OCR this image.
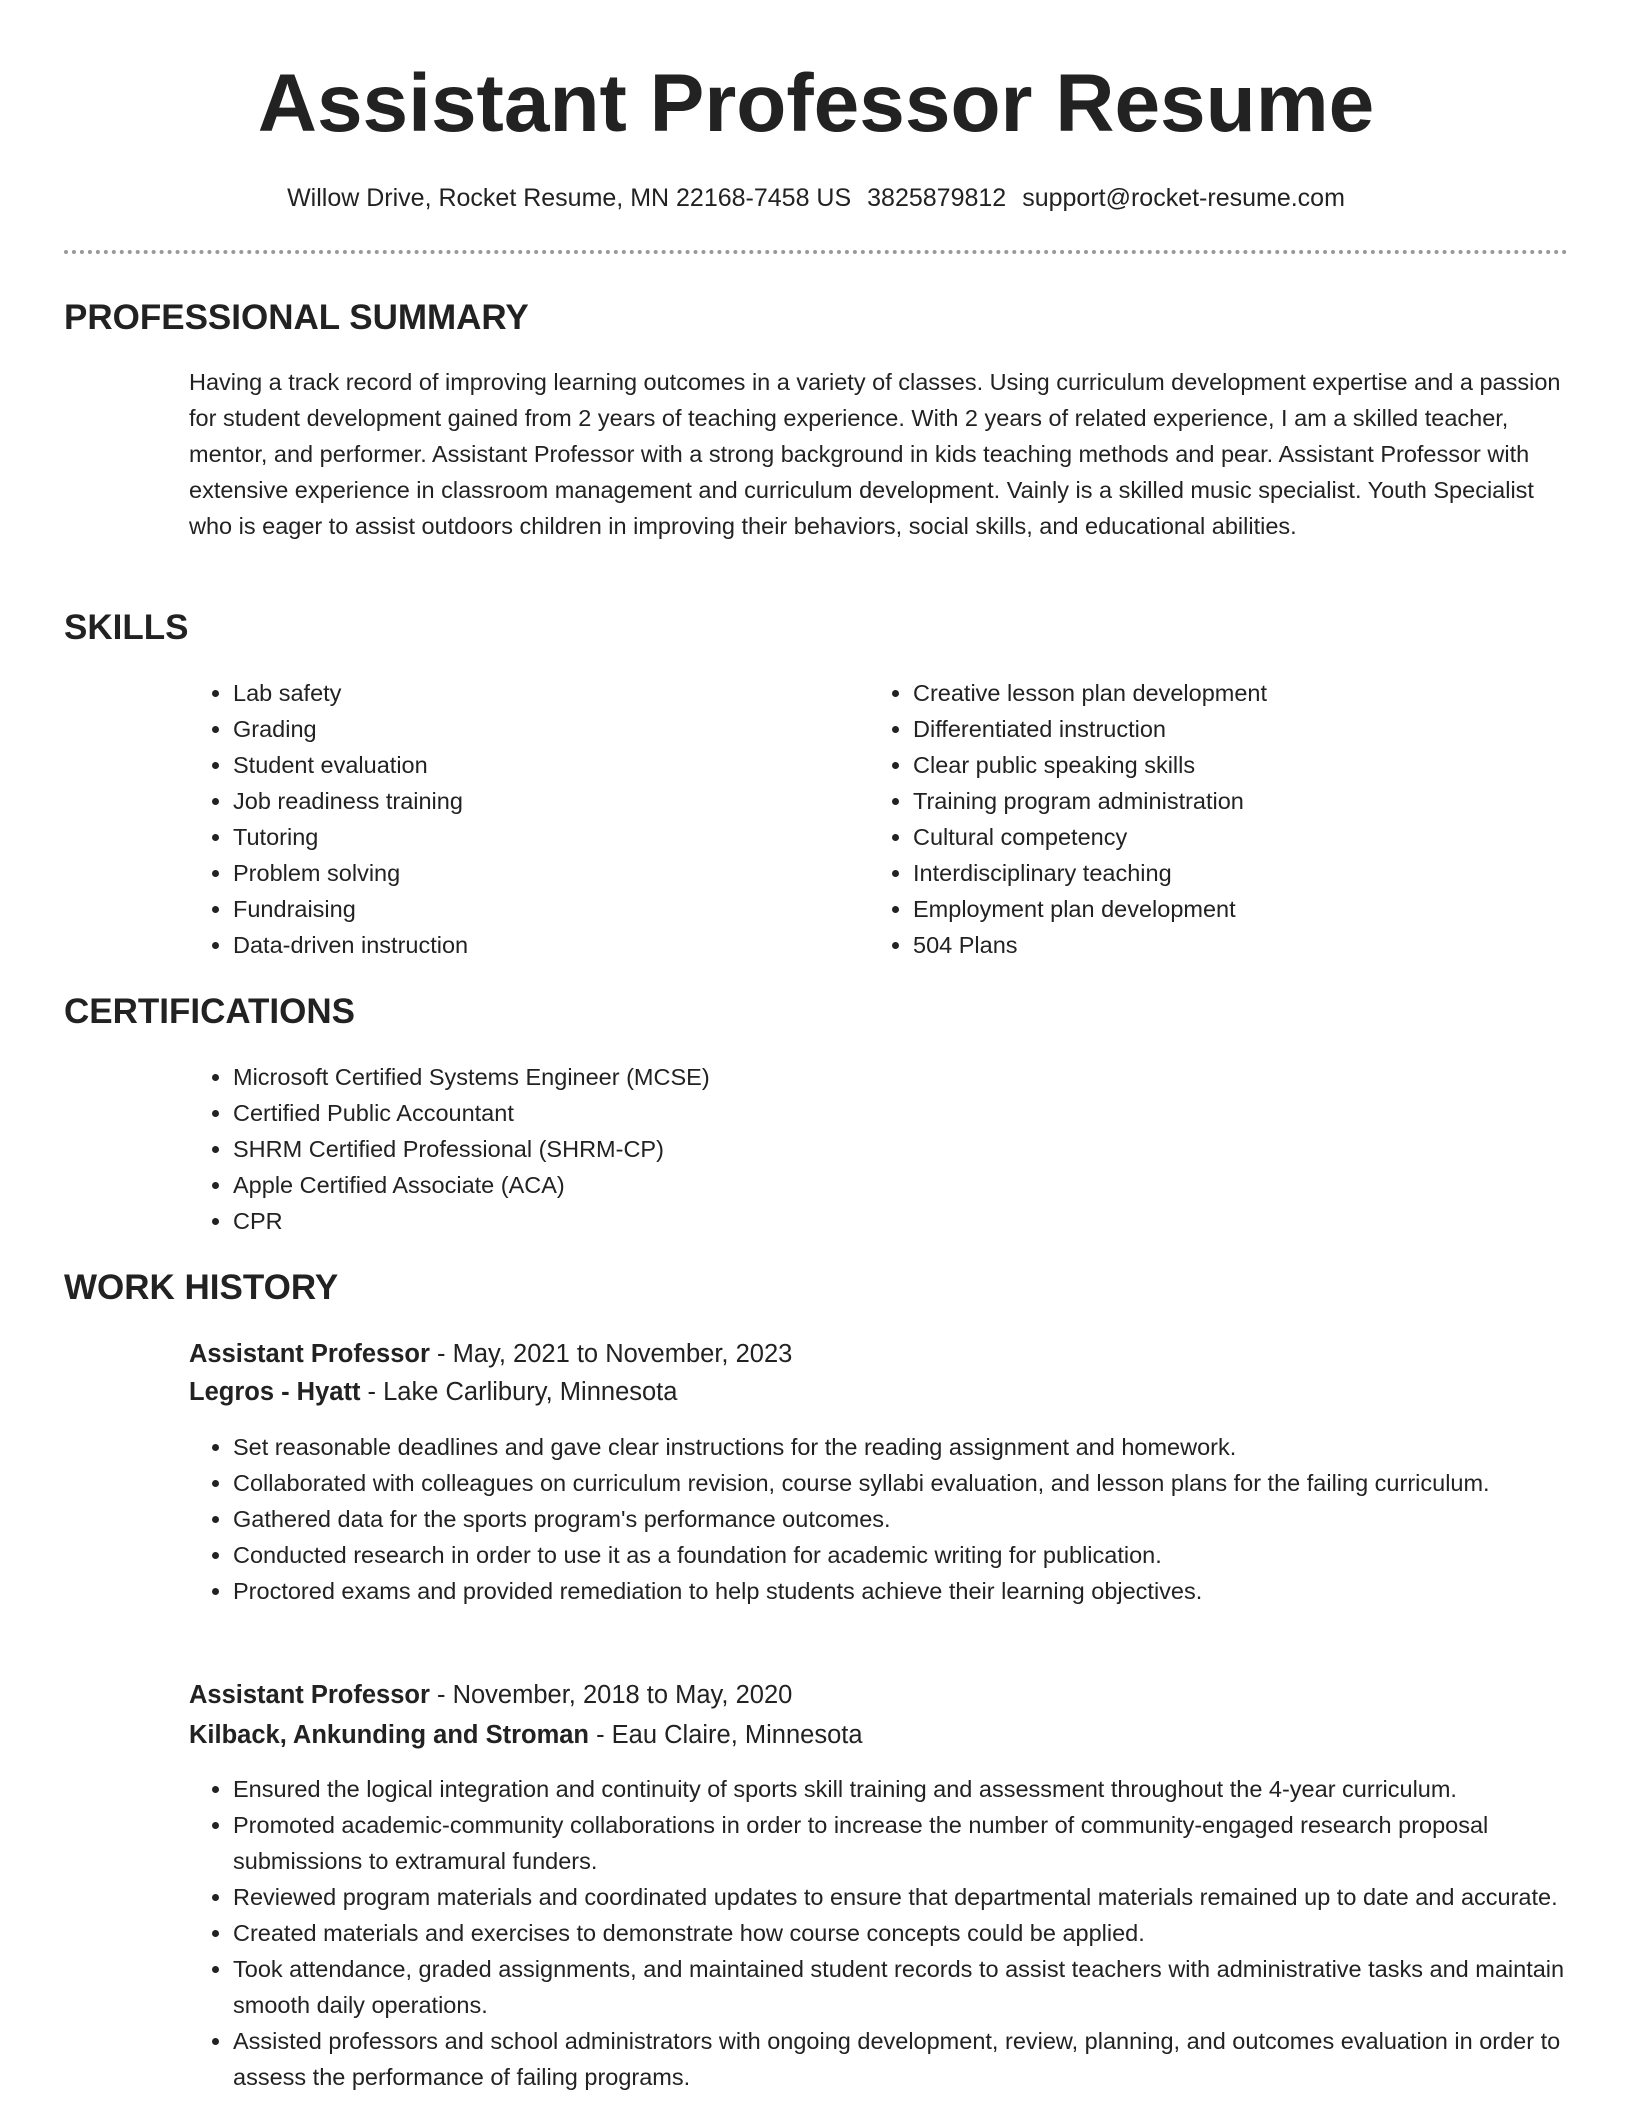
Assistant Professor Resume
Willow Drive, Rocket Resume, MN 22168-7458 US 3825879812 support@rocket-resume.com
PROFESSIONAL SUMMARY

Having a track record of improving learning outcomes in a variety of classes. Using curriculum development expertise and a passion for student development gained from 2 years of teaching experience. With 2 years of related experience, I am a skilled teacher, mentor, and performer. Assistant Professor with a strong background in kids teaching methods and pear. Assistant Professor with extensive experience in classroom management and curriculum development. Vainly is a skilled music specialist. Youth Specialist who is eager to assist outdoors children in improving their behaviors, social skills, and educational abilities.

SKILLS
• Lab safety
• Grading
• Student evaluation
• Job readiness training
• Tutoring
• Problem solving
• Fundraising
• Data-driven instruction
• Creative lesson plan development
• Differentiated instruction
• Clear public speaking skills
• Training program administration
• Cultural competency
• Interdisciplinary teaching
• Employment plan development
• 504 Plans
CERTIFICATIONS
• Microsoft Certified Systems Engineer (MCSE)
• Certified Public Accountant
• SHRM Certified Professional (SHRM-CP)
• Apple Certified Associate (ACA)
• CPR
WORK HISTORY

Assistant Professor - May, 2021 to November, 2023

Legros - Hyatt - Lake Carlibury, Minnesota

• Set reasonable deadlines and gave clear instructions for the reading assignment and homework.
• Collaborated with colleagues on curriculum revision, course syllabi evaluation, and lesson plans for the failing curriculum.
• Gathered data for the sports program's performance outcomes.
• Conducted research in order to use it as a foundation for academic writing for publication.
• Proctored exams and provided remediation to help students achieve their learning objectives.

Assistant Professor - November, 2018 to May, 2020

Kilback, Ankunding and Stroman - Eau Claire, Minnesota

• Ensured the logical integration and continuity of sports skill training and assessment throughout the 4-year curriculum.
• Promoted academic-community collaborations in order to increase the number of community-engaged research proposal submissions to extramural funders.
• Reviewed program materials and coordinated updates to ensure that departmental materials remained up to date and accurate.
• Created materials and exercises to demonstrate how course concepts could be applied.
• Took attendance, graded assignments, and maintained student records to assist teachers with administrative tasks and maintain smooth daily operations.
• Assisted professors and school administrators with ongoing development, review, planning, and outcomes evaluation in order to assess the performance of failing programs.
